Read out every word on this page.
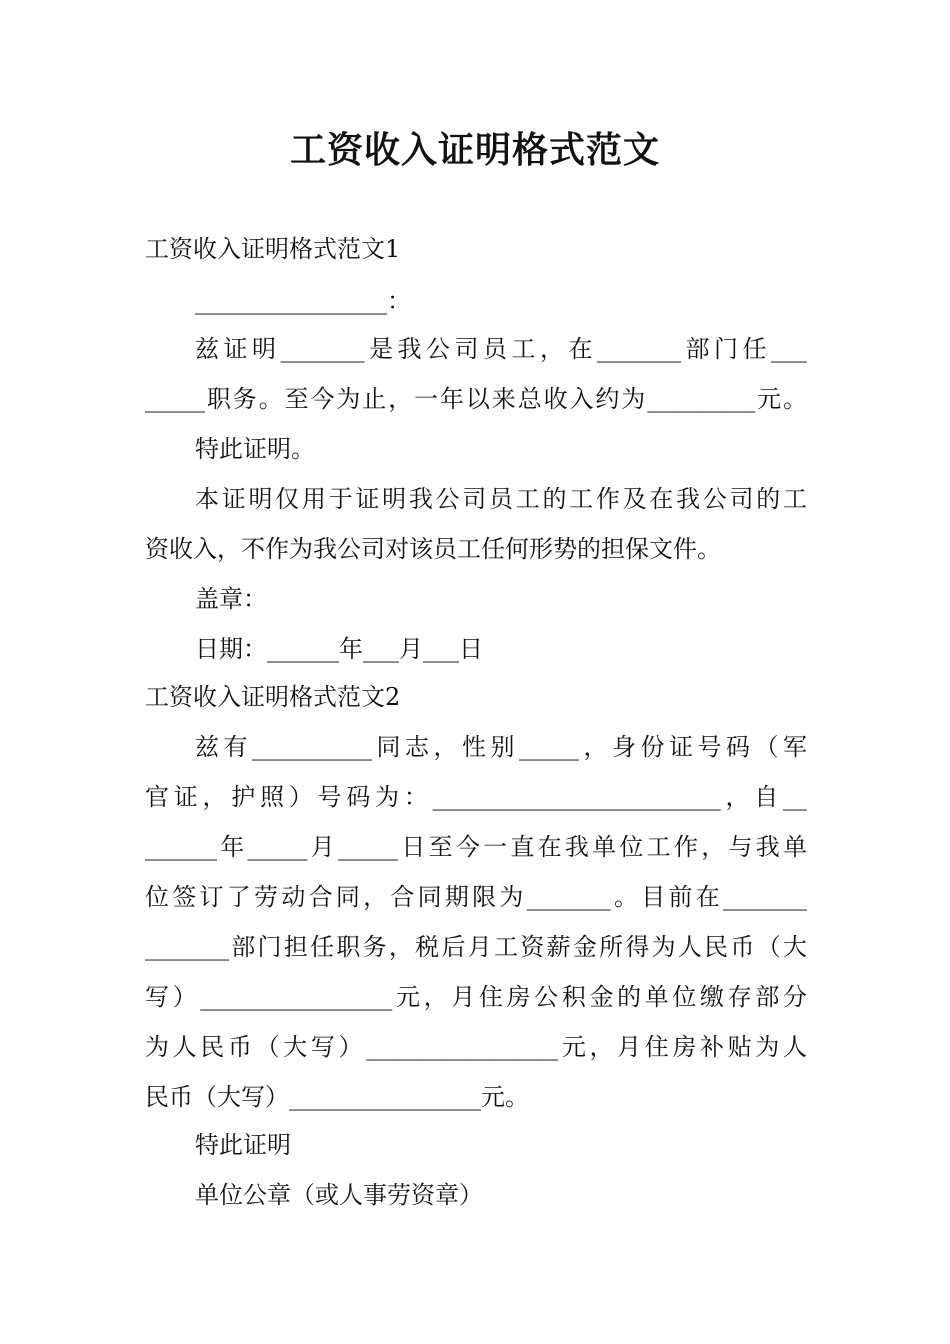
工资收入证明格式范文
工资收入证明格式范文1
________________：
兹证明_______是我公司员工，在_______部门任___
_____职务。至今为止，一年以来总收入约为_________元。
特此证明。
本证明仅用于证明我公司员工的工作及在我公司的工
资收入，不作为我公司对该员工任何形势的担保文件。
盖章：
日期：______年___月___日
工资收入证明格式范文2
兹有__________同志，性别_____，身份证号码（军
官证，护照）号码为：________________________，自__
______年_____月_____日至今一直在我单位工作，与我单
位签订了劳动合同，合同期限为_______。目前在_______
_______部门担任职务，税后月工资薪金所得为人民币（大
写）________________元，月住房公积金的单位缴存部分
为人民币（大写）________________元，月住房补贴为人
民币（大写）________________元。
特此证明
单位公章（或人事劳资章）
